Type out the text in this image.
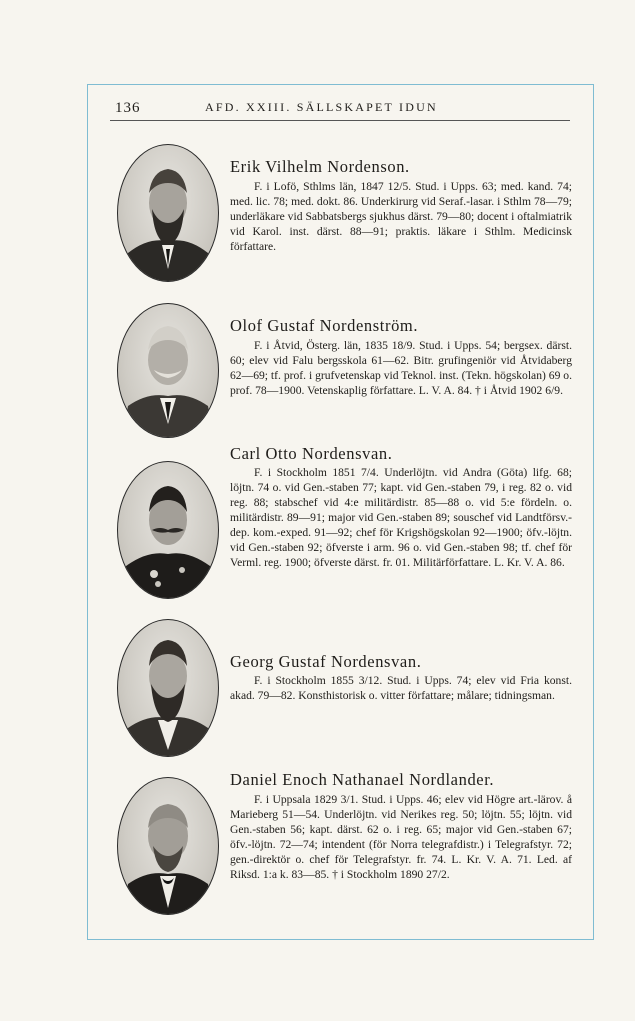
136	AFD. XXIII. SÄLLSKAPET IDUN
Erik Vilhelm Nordenson.
F. i Lofö, Sthlms län, 1847 12/5. Stud. i Upps. 63; med. kand. 74; med. lic. 78; med. dokt. 86. Underkirurg vid Seraf.-lasar. i Sthlm 78—79; underläkare vid Sabbatsbergs sjukhus därst. 79—80; docent i oftalmiatrik vid Karol. inst. därst. 88—91; praktis. läkare i Sthlm. Medicinsk författare.
Olof Gustaf Nordenström.
F. i Åtvid, Österg. län, 1835 18/9. Stud. i Upps. 54; bergsex. därst. 60; elev vid Falu bergsskola 61—62. Bitr. grufingeniör vid Åtvidaberg 62—69; tf. prof. i grufvetenskap vid Teknol. inst. (Tekn. högskolan) 69 o. prof. 78—1900. Vetenskaplig författare. L. V. A. 84. † i Åtvid 1902 6/9.
Carl Otto Nordensvan.
F. i Stockholm 1851 7/4. Underlöjtn. vid Andra (Göta) lifg. 68; löjtn. 74 o. vid Gen.-staben 77; kapt. vid Gen.-staben 79, i reg. 82 o. vid reg. 88; stabschef vid 4:e militärdistr. 85—88 o. vid 5:e fördeln. o. militärdistr. 89—91; major vid Gen.-staben 89; souschef vid Landtförsv.-dep. kom.-exped. 91—92; chef för Krigshögskolan 92—1900; öfv.-löjtn. vid Gen.-staben 92; öfverste i arm. 96 o. vid Gen.-staben 98; tf. chef för Verml. reg. 1900; öfverste därst. fr. 01. Militärförfattare. L. Kr. V. A. 86.
Georg Gustaf Nordensvan.
F. i Stockholm 1855 3/12. Stud. i Upps. 74; elev vid Fria konst. akad. 79—82. Konsthistorisk o. vitter författare; målare; tidningsman.
Daniel Enoch Nathanael Nordlander.
F. i Uppsala 1829 3/1. Stud. i Upps. 46; elev vid Högre art.-lärov. å Marieberg 51—54. Underlöjtn. vid Nerikes reg. 50; löjtn. 55; löjtn. vid Gen.-staben 56; kapt. därst. 62 o. i reg. 65; major vid Gen.-staben 67; öfv.-löjtn. 72—74; intendent (för Norra telegrafdistr.) i Telegrafstyr. 72; gen.-direktör o. chef för Telegrafstyr. fr. 74. L. Kr. V. A. 71. Led. af Riksd. 1:a k. 83—85. † i Stockholm 1890 27/2.
